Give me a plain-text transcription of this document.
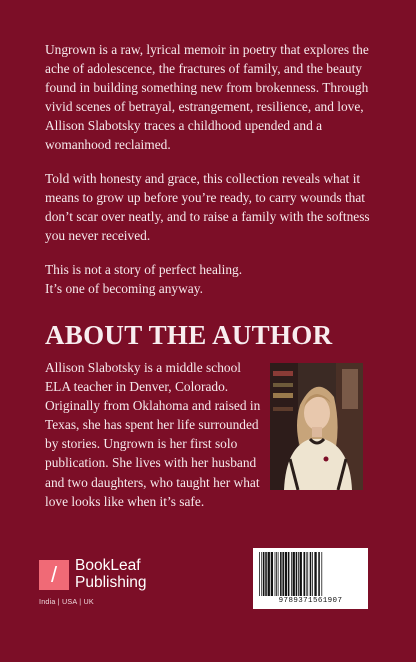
Ungrown is a raw, lyrical memoir in poetry that explores the ache of adolescence, the fractures of family, and the beauty found in building something new from brokenness. Through vivid scenes of betrayal, estrangement, resilience, and love, Allison Slabotsky traces a childhood upended and a womanhood reclaimed.

Told with honesty and grace, this collection reveals what it means to grow up before you’re ready, to carry wounds that don’t scar over neatly, and to raise a family with the softness you never received.

This is not a story of perfect healing.
It’s one of becoming anyway.

ABOUT THE AUTHOR

Allison Slabotsky is a middle school ELA teacher in Denver, Colorado. Originally from Oklahoma and raised in Texas, she has spent her life surrounded by stories. Ungrown is her first solo publication. She lives with her husband and two daughters, who taught her what love looks like when it’s safe.

/	BookLeaf
Publishing
India | USA | UK	9789371561907
